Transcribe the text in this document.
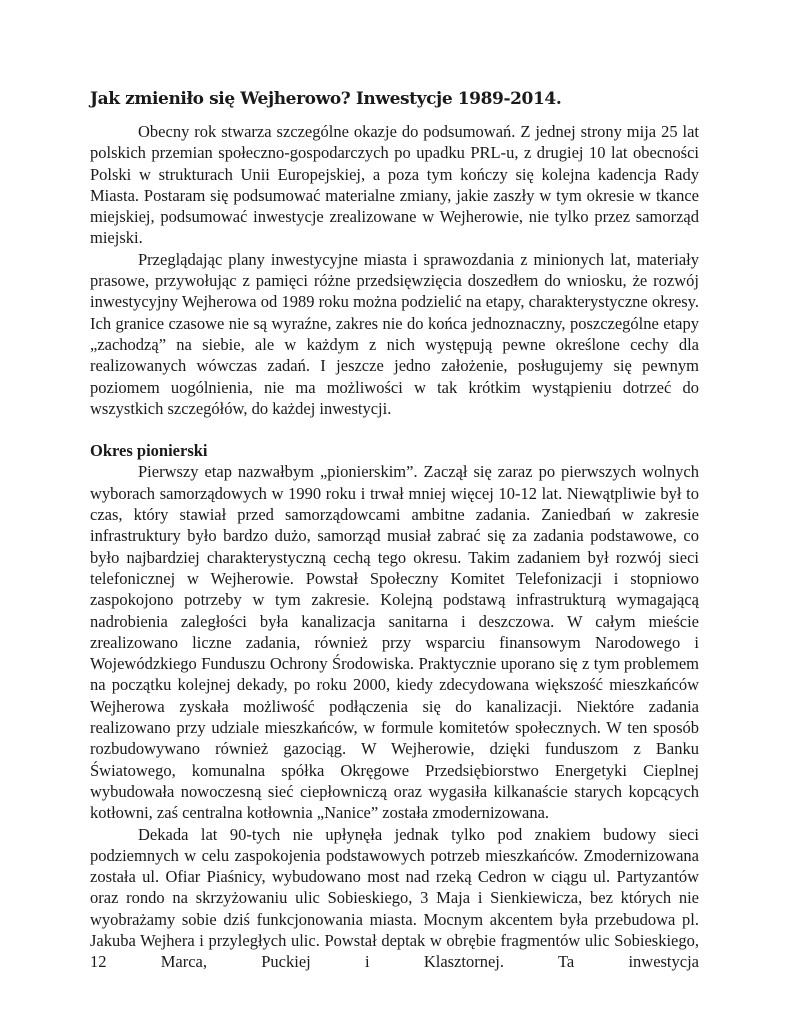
Jak zmieniło się Wejherowo? Inwestycje 1989-2014.

Obecny rok stwarza szczególne okazje do podsumowań. Z jednej strony mija 25 lat polskich przemian społeczno-gospodarczych po upadku PRL-u, z drugiej 10 lat obecności Polski w strukturach Unii Europejskiej, a poza tym kończy się kolejna kadencja Rady Miasta. Postaram się podsumować materialne zmiany, jakie zaszły w tym okresie w tkance miejskiej, podsumować inwestycje zrealizowane w Wejherowie, nie tylko przez samorząd miejski.

Przeglądając plany inwestycyjne miasta i sprawozdania z minionych lat, materiały prasowe, przywołując z pamięci różne przedsięwzięcia doszedłem do wniosku, że rozwój inwestycyjny Wejherowa od 1989 roku można podzielić na etapy, charakterystyczne okresy. Ich granice czasowe nie są wyraźne, zakres nie do końca jednoznaczny, poszczególne etapy „zachodzą” na siebie, ale w każdym z nich występują pewne określone cechy dla realizowanych wówczas zadań. I jeszcze jedno założenie, posługujemy się pewnym poziomem uogólnienia, nie ma możliwości w tak krótkim wystąpieniu dotrzeć do wszystkich szczegółów, do każdej inwestycji.

Okres pionierski

Pierwszy etap nazwałbym „pionierskim”. Zaczął się zaraz po pierwszych wolnych wyborach samorządowych w 1990 roku i trwał mniej więcej 10-12 lat. Niewątpliwie był to czas, który stawiał przed samorządowcami ambitne zadania. Zaniedbań w zakresie infrastruktury było bardzo dużo, samorząd musiał zabrać się za zadania podstawowe, co było najbardziej charakterystyczną cechą tego okresu. Takim zadaniem był rozwój sieci telefonicznej w Wejherowie. Powstał Społeczny Komitet Telefonizacji i stopniowo zaspokojono potrzeby w tym zakresie. Kolejną podstawą infrastrukturą wymagającą nadrobienia zaległości była kanalizacja sanitarna i deszczowa. W całym mieście zrealizowano liczne zadania, również przy wsparciu finansowym Narodowego i Wojewódzkiego Funduszu Ochrony Środowiska. Praktycznie uporano się z tym problemem na początku kolejnej dekady, po roku 2000, kiedy zdecydowana większość mieszkańców Wejherowa zyskała możliwość podłączenia się do kanalizacji. Niektóre zadania realizowano przy udziale mieszkańców, w formule komitetów społecznych. W ten sposób rozbudowywano również gazociąg. W Wejherowie, dzięki funduszom z Banku Światowego, komunalna spółka Okręgowe Przedsiębiorstwo Energetyki Cieplnej wybudowała nowoczesną sieć ciepłowniczą oraz wygasiła kilkanaście starych kopcących kotłowni, zaś centralna kotłownia „Nanice” została zmodernizowana.

Dekada lat 90-tych nie upłynęła jednak tylko pod znakiem budowy sieci podziemnych w celu zaspokojenia podstawowych potrzeb mieszkańców. Zmodernizowana została ul. Ofiar Piaśnicy, wybudowano most nad rzeką Cedron w ciągu ul. Partyzantów oraz rondo na skrzyżowaniu ulic Sobieskiego, 3 Maja i Sienkiewicza, bez których nie wyobrażamy sobie dziś funkcjonowania miasta. Mocnym akcentem była przebudowa pl. Jakuba Wejhera i przyległych ulic. Powstał deptak w obrębie fragmentów ulic Sobieskiego, 12 Marca, Puckiej i Klasztornej. Ta inwestycja
